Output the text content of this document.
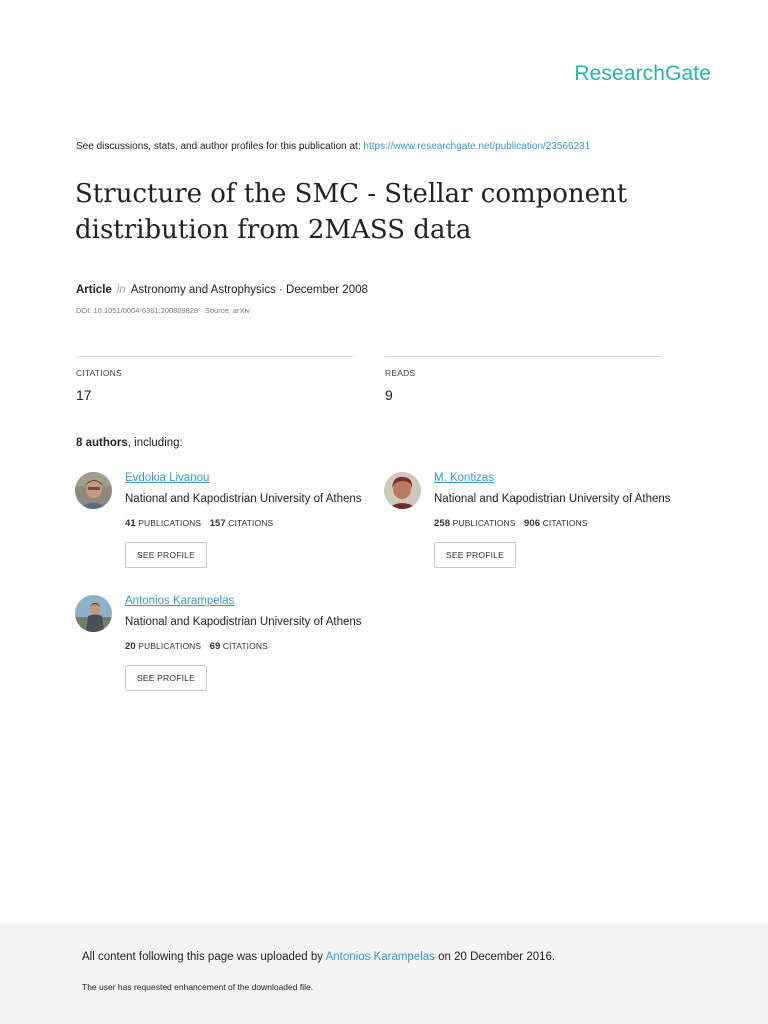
ResearchGate
See discussions, stats, and author profiles for this publication at: https://www.researchgate.net/publication/23566231
Structure of the SMC - Stellar component distribution from 2MASS data
Article in Astronomy and Astrophysics · December 2008
DOI: 10.1051/0004-6361:200809828 · Source: arXiv
CITATIONS
17
READS
9
8 authors, including:
Evdokia Livanou
National and Kapodistrian University of Athens
41 PUBLICATIONS 157 CITATIONS
SEE PROFILE
M. Kontizas
National and Kapodistrian University of Athens
258 PUBLICATIONS 906 CITATIONS
SEE PROFILE
Antonios Karampelas
National and Kapodistrian University of Athens
20 PUBLICATIONS 69 CITATIONS
SEE PROFILE
All content following this page was uploaded by Antonios Karampelas on 20 December 2016.
The user has requested enhancement of the downloaded file.
